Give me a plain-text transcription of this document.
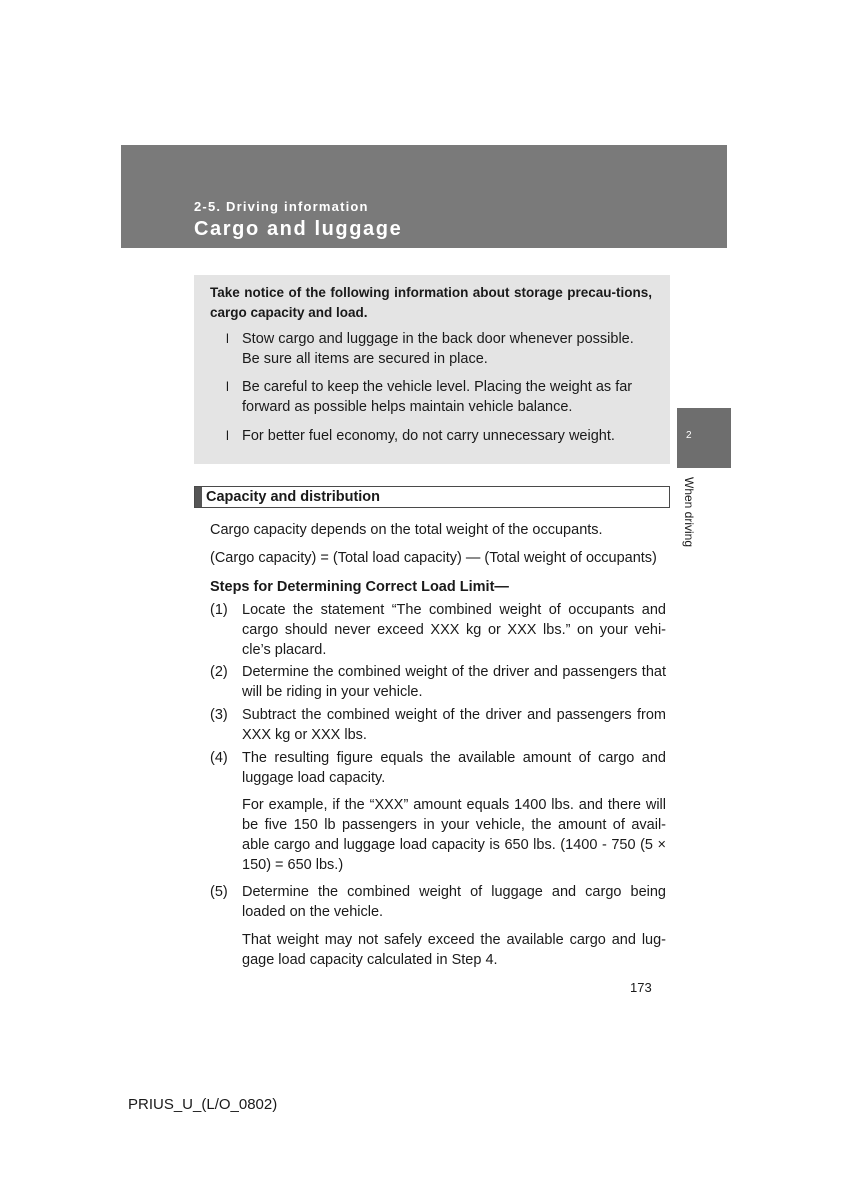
2-5. Driving information
Cargo and luggage
2
When driving
Take notice of the following information about storage precau-tions, cargo capacity and load.
l Stow cargo and luggage in the back door whenever possible. Be sure all items are secured in place.
l Be careful to keep the vehicle level. Placing the weight as far forward as possible helps maintain vehicle balance.
l For better fuel economy, do not carry unnecessary weight.
Capacity and distribution
Cargo capacity depends on the total weight of the occupants.
(Cargo capacity) = (Total load capacity) — (Total weight of occupants)
Steps for Determining Correct Load Limit—
(1) Locate the statement “The combined weight of occupants and cargo should never exceed XXX kg or XXX lbs.” on your vehi-cle’s placard.
(2) Determine the combined weight of the driver and passengers that will be riding in your vehicle.
(3) Subtract the combined weight of the driver and passengers from XXX kg or XXX lbs.
(4) The resulting figure equals the available amount of cargo and luggage load capacity.
For example, if the “XXX” amount equals 1400 lbs. and there will be five 150 lb passengers in your vehicle, the amount of avail-able cargo and luggage load capacity is 650 lbs. (1400 - 750 (5 × 150) = 650 lbs.)
(5) Determine the combined weight of luggage and cargo being loaded on the vehicle.
That weight may not safely exceed the available cargo and lug-gage load capacity calculated in Step 4.
173
PRIUS_U_(L/O_0802)
